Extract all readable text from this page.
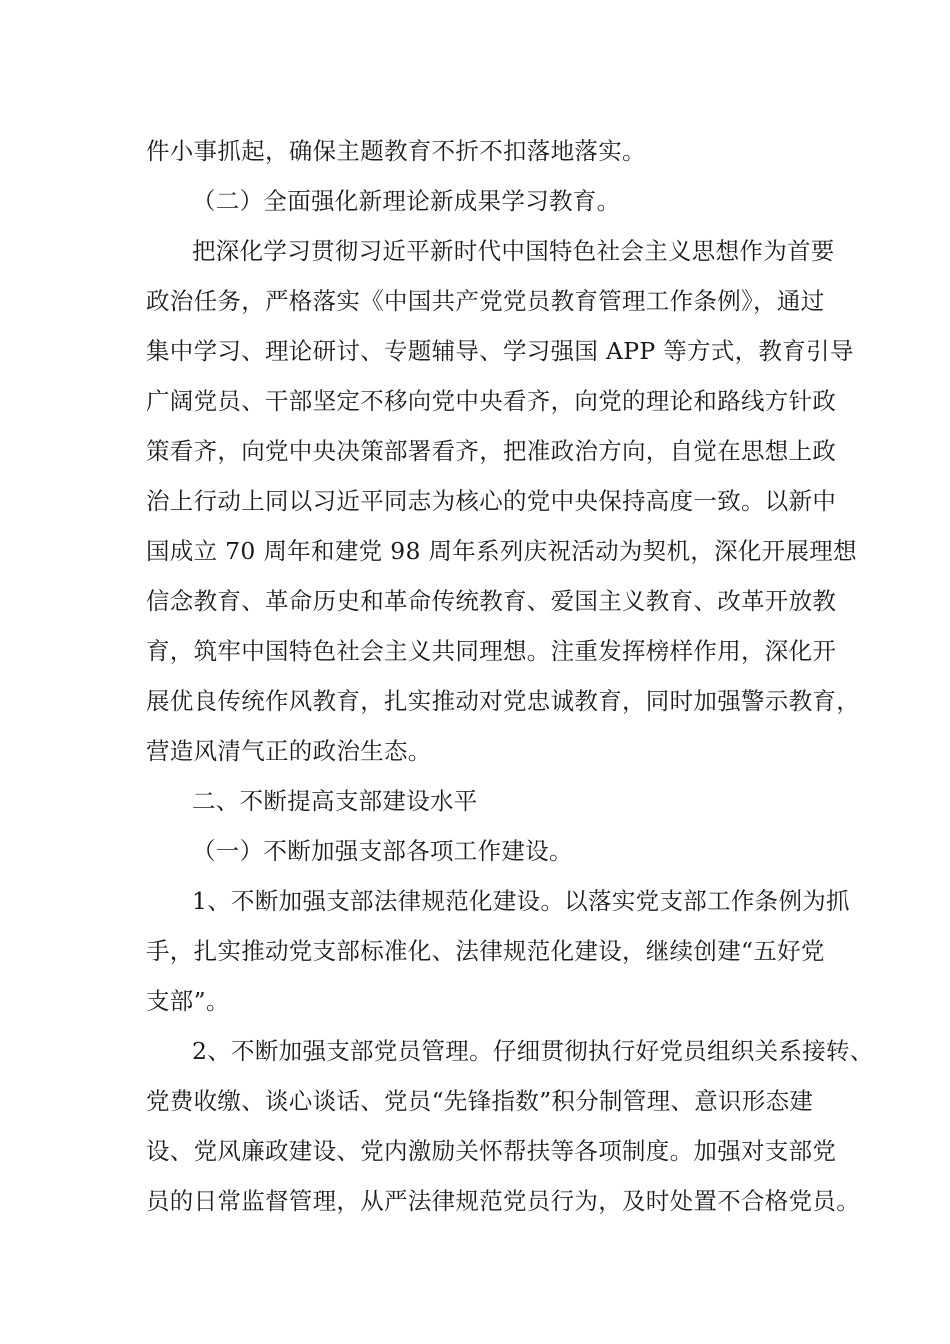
件小事抓起，确保主题教育不折不扣落地落实。
（二）全面强化新理论新成果学习教育。
把深化学习贯彻习近平新时代中国特色社会主义思想作为首要
政治任务，严格落实《中国共产党党员教育管理工作条例》，通过
集中学习、理论研讨、专题辅导、学习强国 APP 等方式，教育引导
广阔党员、干部坚定不移向党中央看齐，向党的理论和路线方针政
策看齐，向党中央决策部署看齐，把准政治方向，自觉在思想上政
治上行动上同以习近平同志为核心的党中央保持高度一致。以新中
国成立 70 周年和建党 98 周年系列庆祝活动为契机，深化开展理想
信念教育、革命历史和革命传统教育、爱国主义教育、改革开放教
育，筑牢中国特色社会主义共同理想。注重发挥榜样作用，深化开
展优良传统作风教育，扎实推动对党忠诚教育，同时加强警示教育，
营造风清气正的政治生态。
二、不断提高支部建设水平
（一）不断加强支部各项工作建设。
1、不断加强支部法律规范化建设。以落实党支部工作条例为抓
手，扎实推动党支部标准化、法律规范化建设，继续创建“五好党
支部”。
2、不断加强支部党员管理。仔细贯彻执行好党员组织关系接转、
党费收缴、谈心谈话、党员“先锋指数”积分制管理、意识形态建
设、党风廉政建设、党内激励关怀帮扶等各项制度。加强对支部党
员的日常监督管理，从严法律规范党员行为，及时处置不合格党员。
